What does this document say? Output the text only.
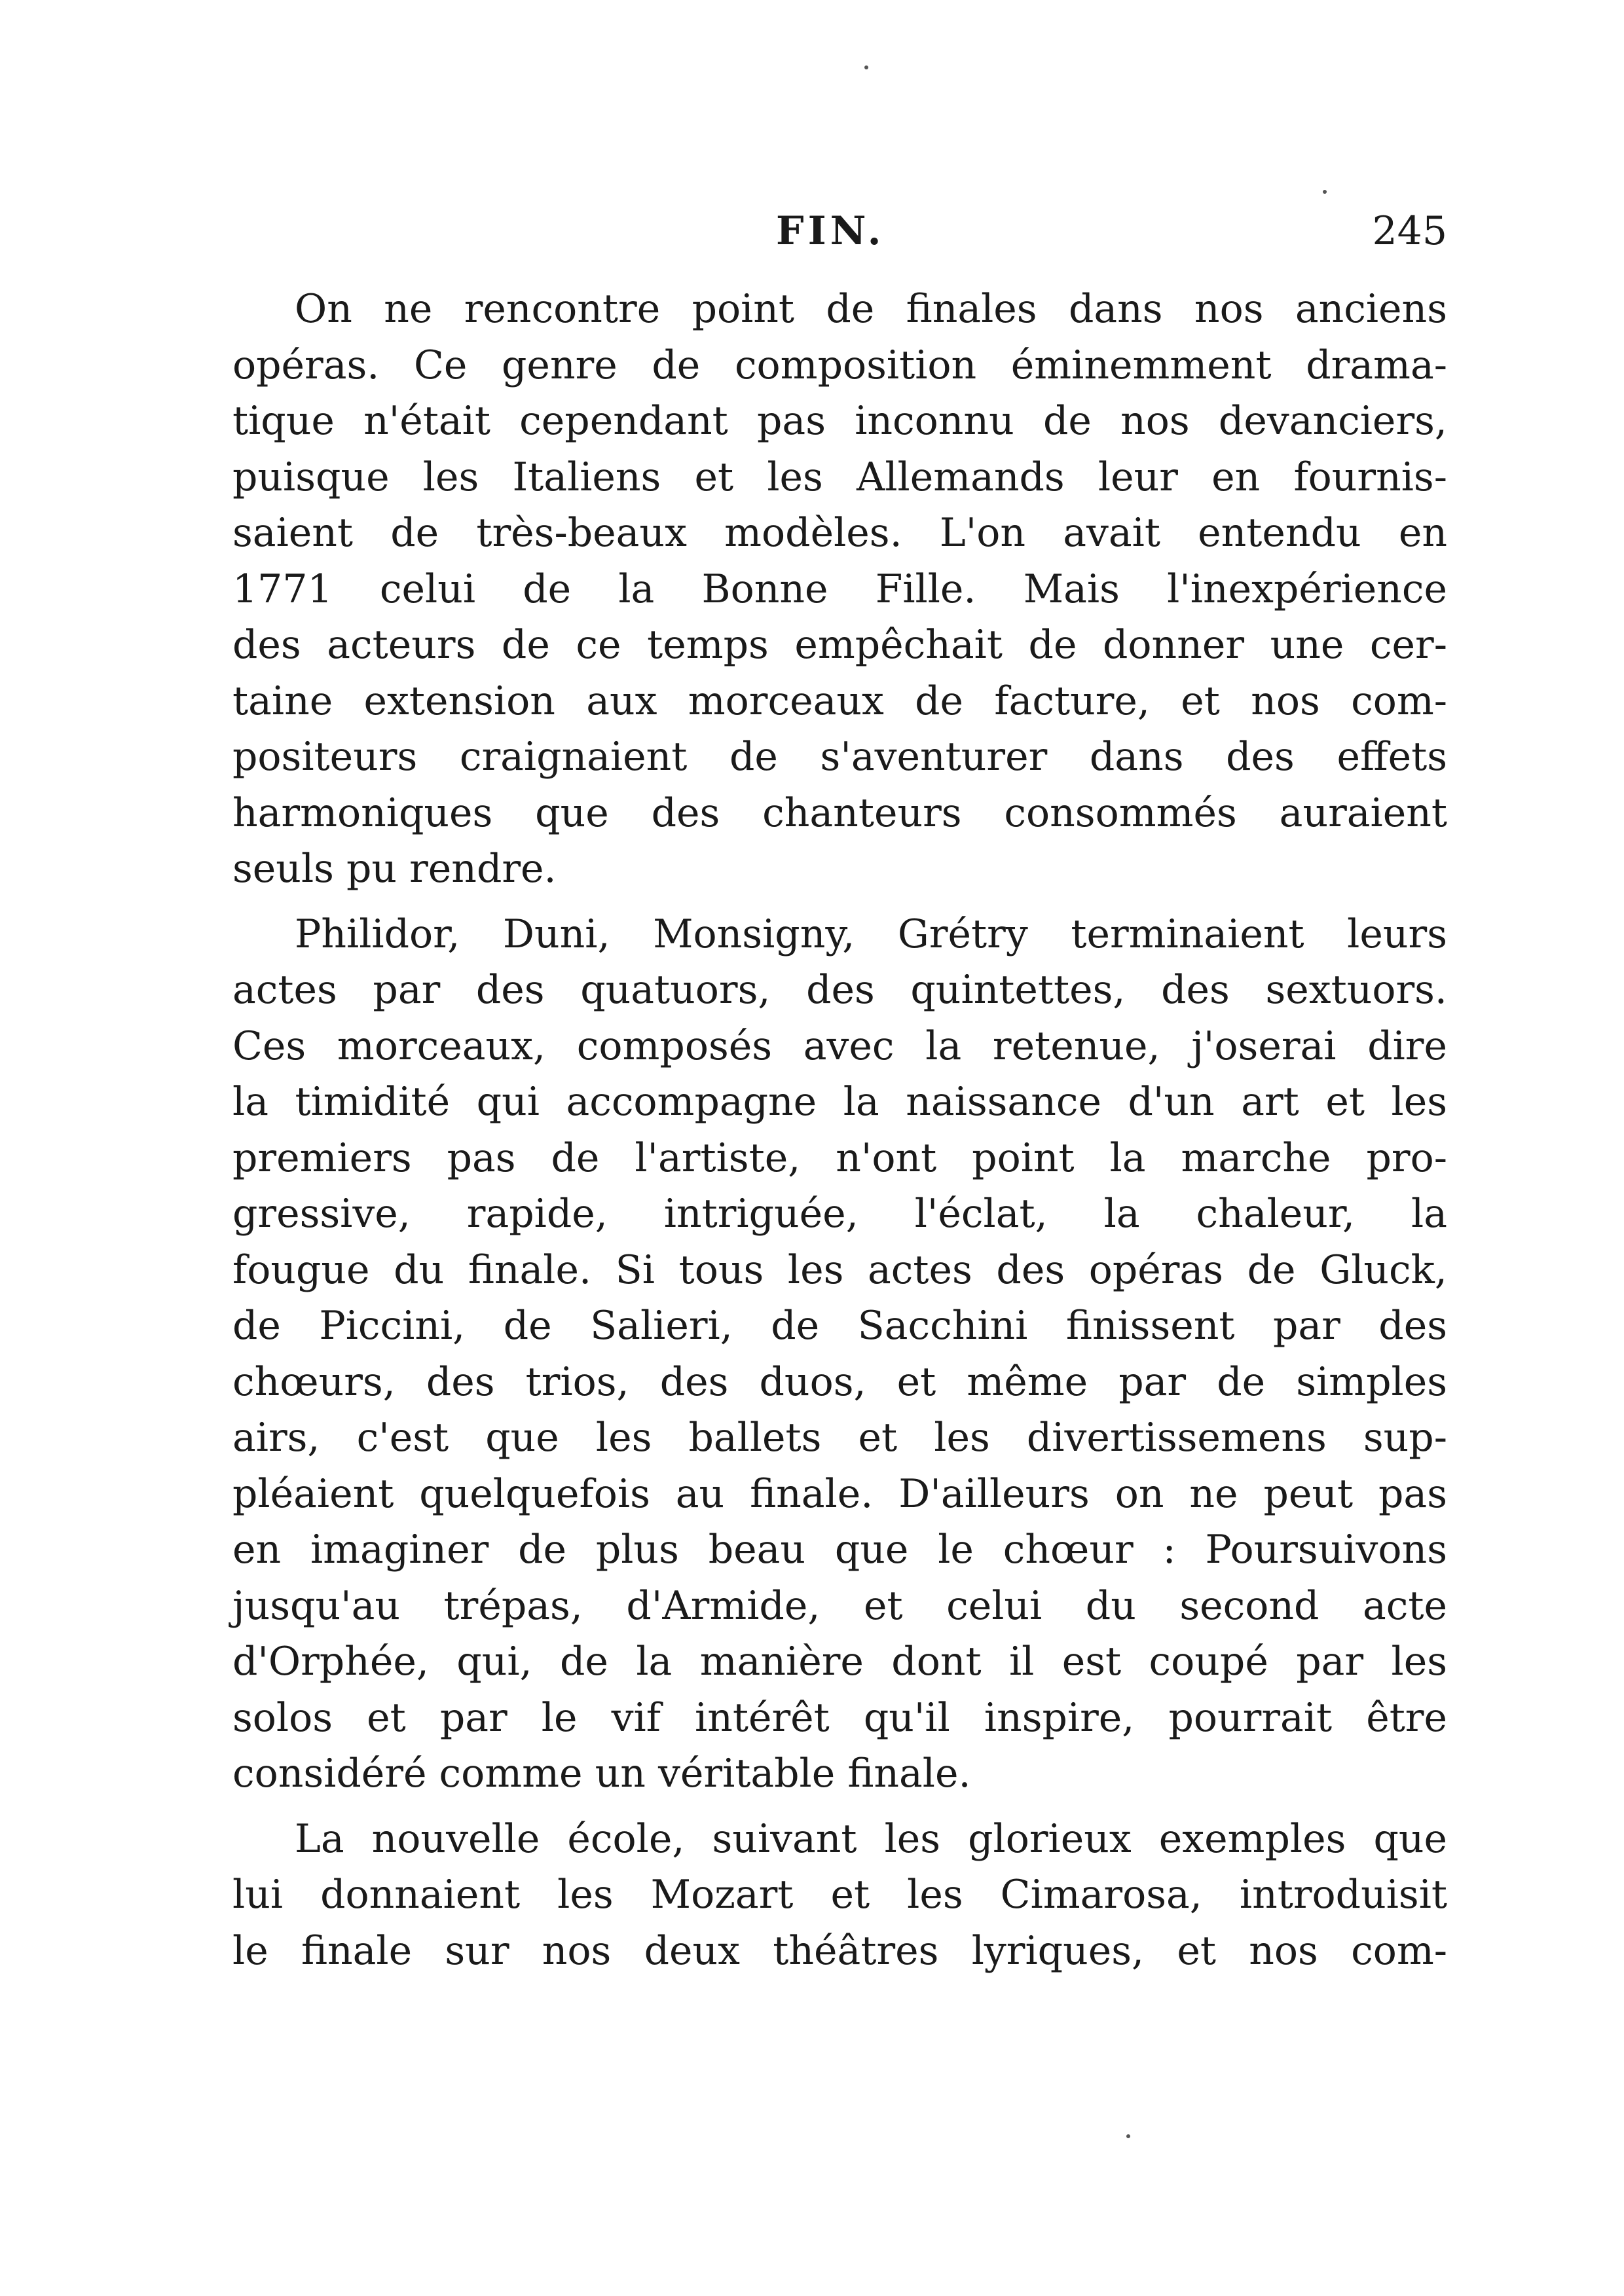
FIN.	245
On ne rencontre point de finales dans nos anciens
opéras. Ce genre de composition éminemment drama-
tique n'était cependant pas inconnu de nos devanciers,
puisque les Italiens et les Allemands leur en fournis-
saient de très-beaux modèles. L'on avait entendu en
1771 celui de la Bonne Fille. Mais l'inexpérience
des acteurs de ce temps empêchait de donner une cer-
taine extension aux morceaux de facture, et nos com-
positeurs craignaient de s'aventurer dans des effets
harmoniques que des chanteurs consommés auraient
seuls pu rendre.
Philidor, Duni, Monsigny, Grétry terminaient leurs
actes par des quatuors, des quintettes, des sextuors.
Ces morceaux, composés avec la retenue, j'oserai dire
la timidité qui accompagne la naissance d'un art et les
premiers pas de l'artiste, n'ont point la marche pro-
gressive, rapide, intriguée, l'éclat, la chaleur, la
fougue du finale. Si tous les actes des opéras de Gluck,
de Piccini, de Salieri, de Sacchini finissent par des
chœurs, des trios, des duos, et même par de simples
airs, c'est que les ballets et les divertissemens sup-
pléaient quelquefois au finale. D'ailleurs on ne peut pas
en imaginer de plus beau que le chœur : Poursuivons
jusqu'au trépas, d'Armide, et celui du second acte
d'Orphée, qui, de la manière dont il est coupé par les
solos et par le vif intérêt qu'il inspire, pourrait être
considéré comme un véritable finale.
La nouvelle école, suivant les glorieux exemples que
lui donnaient les Mozart et les Cimarosa, introduisit
le finale sur nos deux théâtres lyriques, et nos com-
